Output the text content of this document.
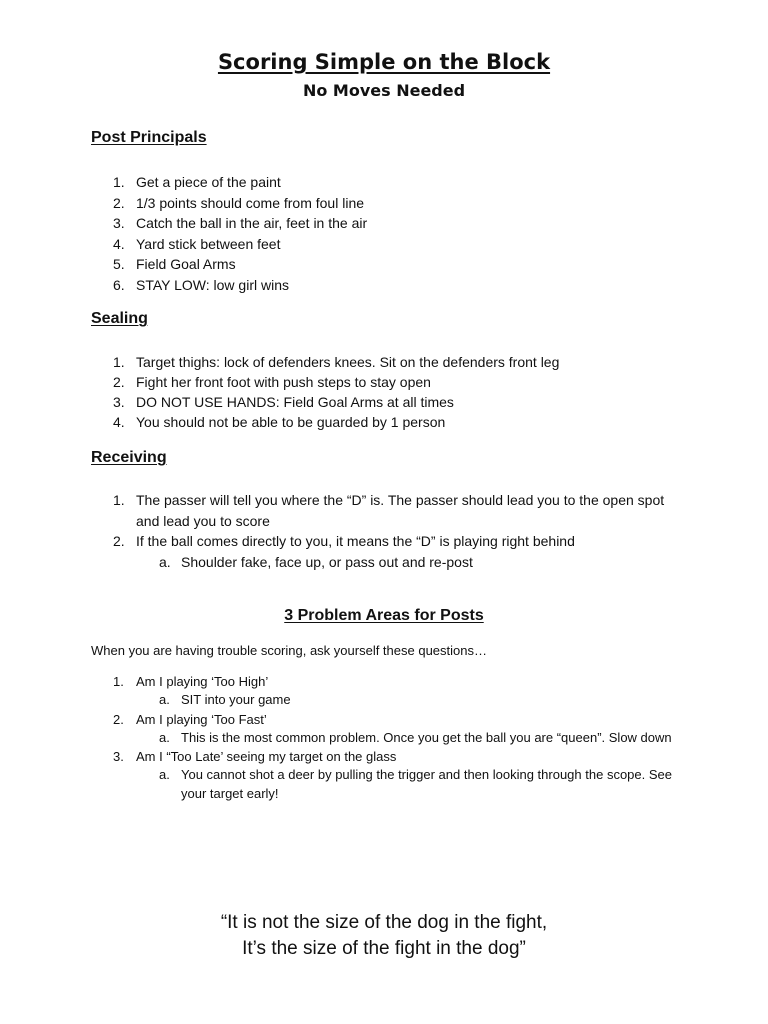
Scoring Simple on the Block
No Moves Needed
Post Principals
1. Get a piece of the paint
2. 1/3 points should come from foul line
3. Catch the ball in the air, feet in the air
4. Yard stick between feet
5. Field Goal Arms
6. STAY LOW: low girl wins
Sealing
1. Target thighs: lock of defenders knees. Sit on the defenders front leg
2. Fight her front foot with push steps to stay open
3. DO NOT USE HANDS: Field Goal Arms at all times
4. You should not be able to be guarded by 1 person
Receiving
1. The passer will tell you where the “D” is. The passer should lead you to the open spot and lead you to score
2. If the ball comes directly to you, it means the “D” is playing right behind
a. Shoulder fake, face up, or pass out and re-post
3 Problem Areas for Posts
When you are having trouble scoring, ask yourself these questions…
1. Am I playing ‘Too High’
a. SIT into your game
2. Am I playing ‘Too Fast’
a. This is the most common problem. Once you get the ball you are “queen”. Slow down
3. Am I “Too Late’ seeing my target on the glass
a. You cannot shot a deer by pulling the trigger and then looking through the scope. See your target early!
“It is not the size of the dog in the fight,
It’s the size of the fight in the dog”
